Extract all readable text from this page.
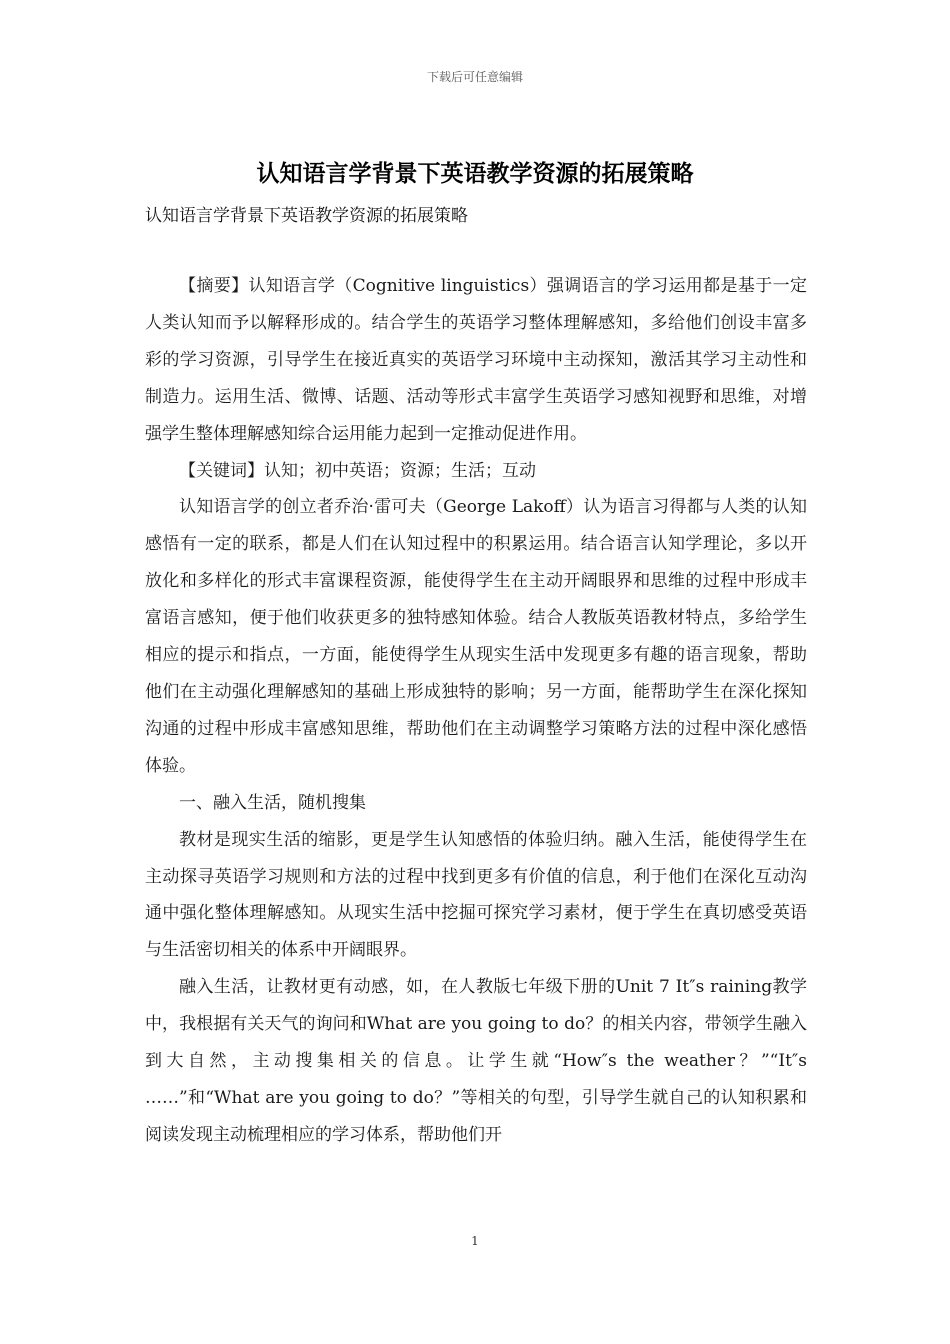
下载后可任意编辑
认知语言学背景下英语教学资源的拓展策略
认知语言学背景下英语教学资源的拓展策略

【摘要】认知语言学（Cognitive linguistics）强调语言的学习运用都是基于一定人类认知而予以解释形成的。结合学生的英语学习整体理解感知，多给他们创设丰富多彩的学习资源，引导学生在接近真实的英语学习环境中主动探知，激活其学习主动性和制造力。运用生活、微博、话题、活动等形式丰富学生英语学习感知视野和思维，对增强学生整体理解感知综合运用能力起到一定推动促进作用。

【关键词】认知；初中英语；资源；生活；互动

认知语言学的创立者乔治·雷可夫（George Lakoff）认为语言习得都与人类的认知感悟有一定的联系，都是人们在认知过程中的积累运用。结合语言认知学理论，多以开放化和多样化的形式丰富课程资源，能使得学生在主动开阔眼界和思维的过程中形成丰富语言感知，便于他们收获更多的独特感知体验。结合人教版英语教材特点，多给学生相应的提示和指点，一方面，能使得学生从现实生活中发现更多有趣的语言现象，帮助他们在主动强化理解感知的基础上形成独特的影响；另一方面，能帮助学生在深化探知沟通的过程中形成丰富感知思维，帮助他们在主动调整学习策略方法的过程中深化感悟体验。

一、融入生活，随机搜集

教材是现实生活的缩影，更是学生认知感悟的体验归纳。融入生活，能使得学生在主动探寻英语学习规则和方法的过程中找到更多有价值的信息，利于他们在深化互动沟通中强化整体理解感知。从现实生活中挖掘可探究学习素材，便于学生在真切感受英语与生活密切相关的体系中开阔眼界。

融入生活，让教材更有动感，如，在人教版七年级下册的Unit 7 It″s raining教学中，我根据有关天气的询问和What are you going to do？的相关内容，带领学生融入到大自然，主动搜集相关的信息。让学生就“How″s the weather？”“It″s ……”和“What are you going to do？”等相关的句型，引导学生就自己的认知积累和阅读发现主动梳理相应的学习体系，帮助他们开

1
